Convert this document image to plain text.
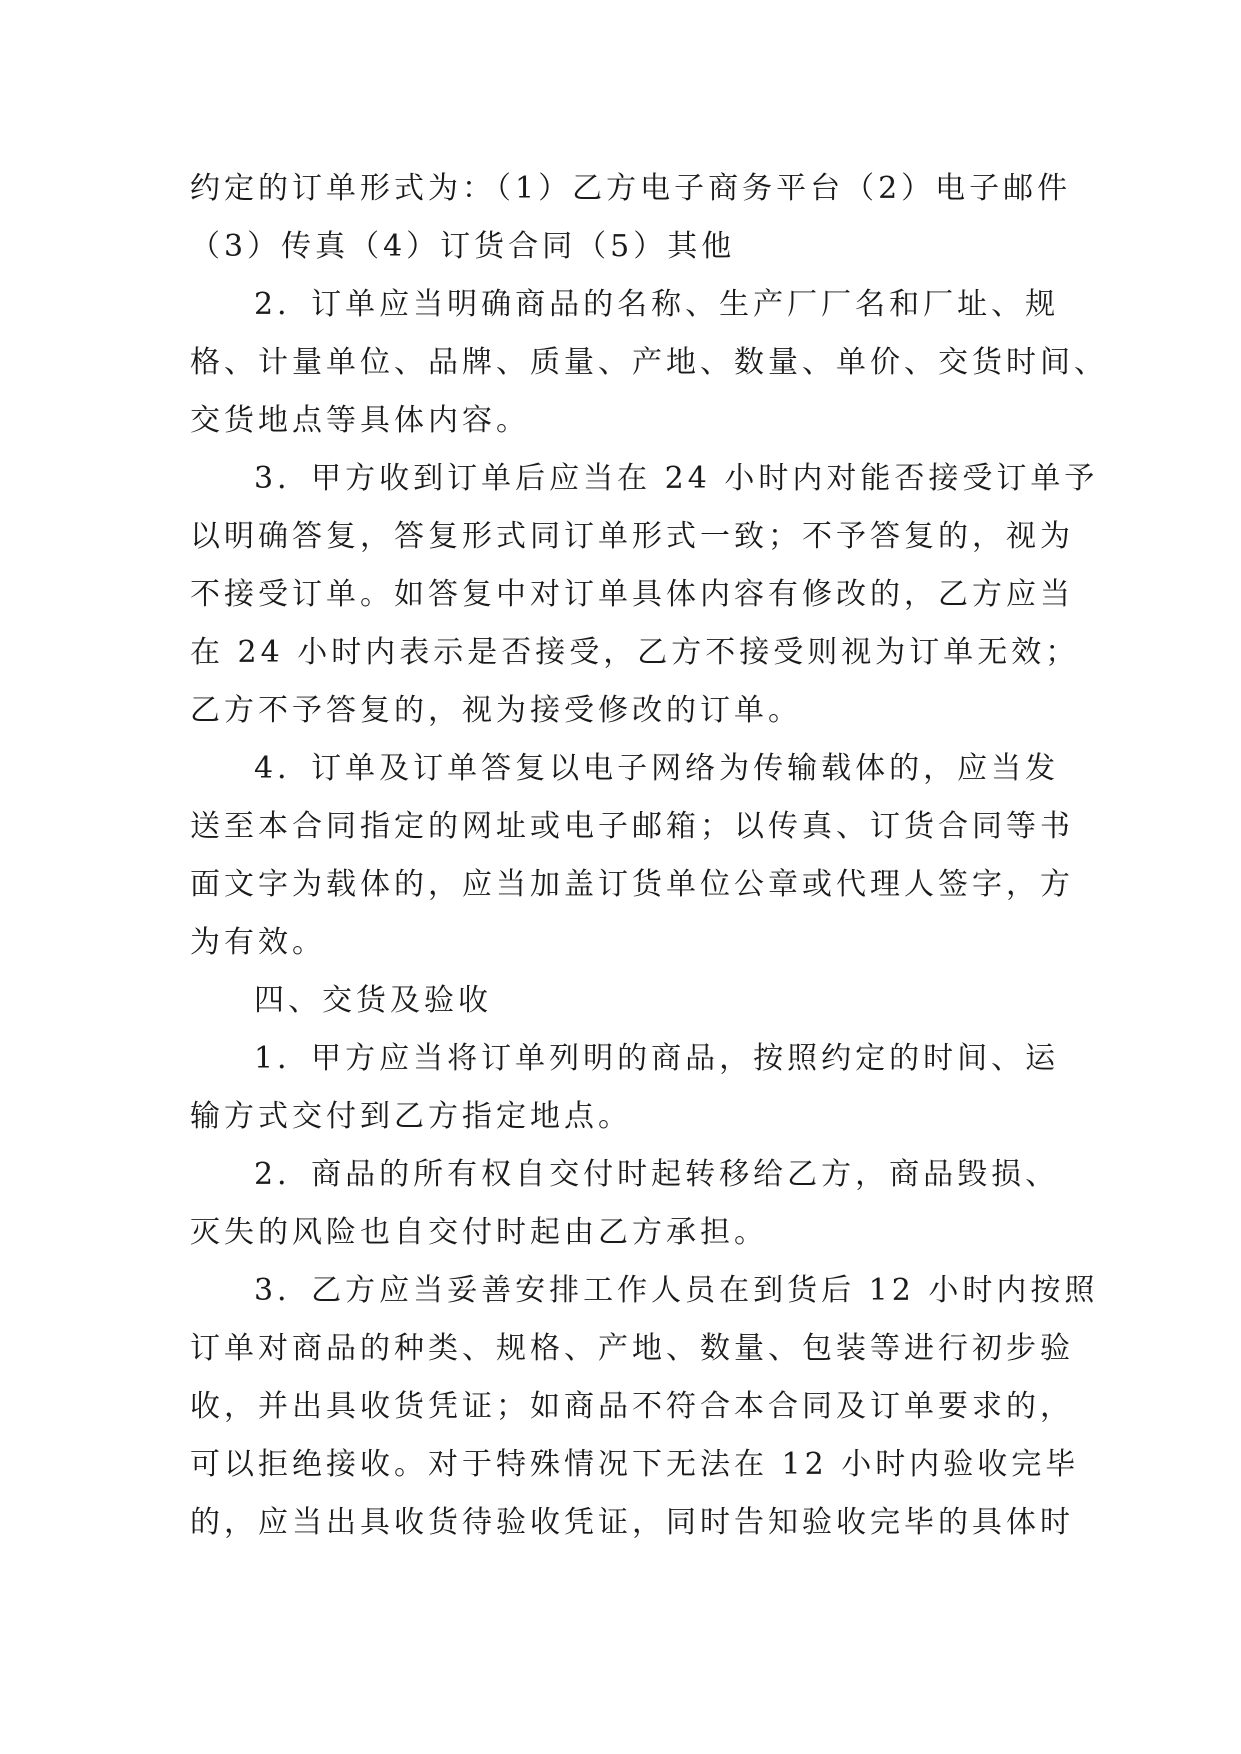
约定的订单形式为：（1）乙方电子商务平台（2）电子邮件
（3）传真（4）订货合同（5）其他
2．订单应当明确商品的名称、生产厂厂名和厂址、规
格、计量单位、品牌、质量、产地、数量、单价、交货时间、
交货地点等具体内容。
3．甲方收到订单后应当在 24 小时内对能否接受订单予
以明确答复，答复形式同订单形式一致；不予答复的，视为
不接受订单。如答复中对订单具体内容有修改的，乙方应当
在 24 小时内表示是否接受，乙方不接受则视为订单无效；
乙方不予答复的，视为接受修改的订单。
4．订单及订单答复以电子网络为传输载体的，应当发
送至本合同指定的网址或电子邮箱；以传真、订货合同等书
面文字为载体的，应当加盖订货单位公章或代理人签字，方
为有效。
四、交货及验收
1．甲方应当将订单列明的商品，按照约定的时间、运
输方式交付到乙方指定地点。
2．商品的所有权自交付时起转移给乙方，商品毁损、
灭失的风险也自交付时起由乙方承担。
3．乙方应当妥善安排工作人员在到货后 12 小时内按照
订单对商品的种类、规格、产地、数量、包装等进行初步验
收，并出具收货凭证；如商品不符合本合同及订单要求的，
可以拒绝接收。对于特殊情况下无法在 12 小时内验收完毕
的，应当出具收货待验收凭证，同时告知验收完毕的具体时
